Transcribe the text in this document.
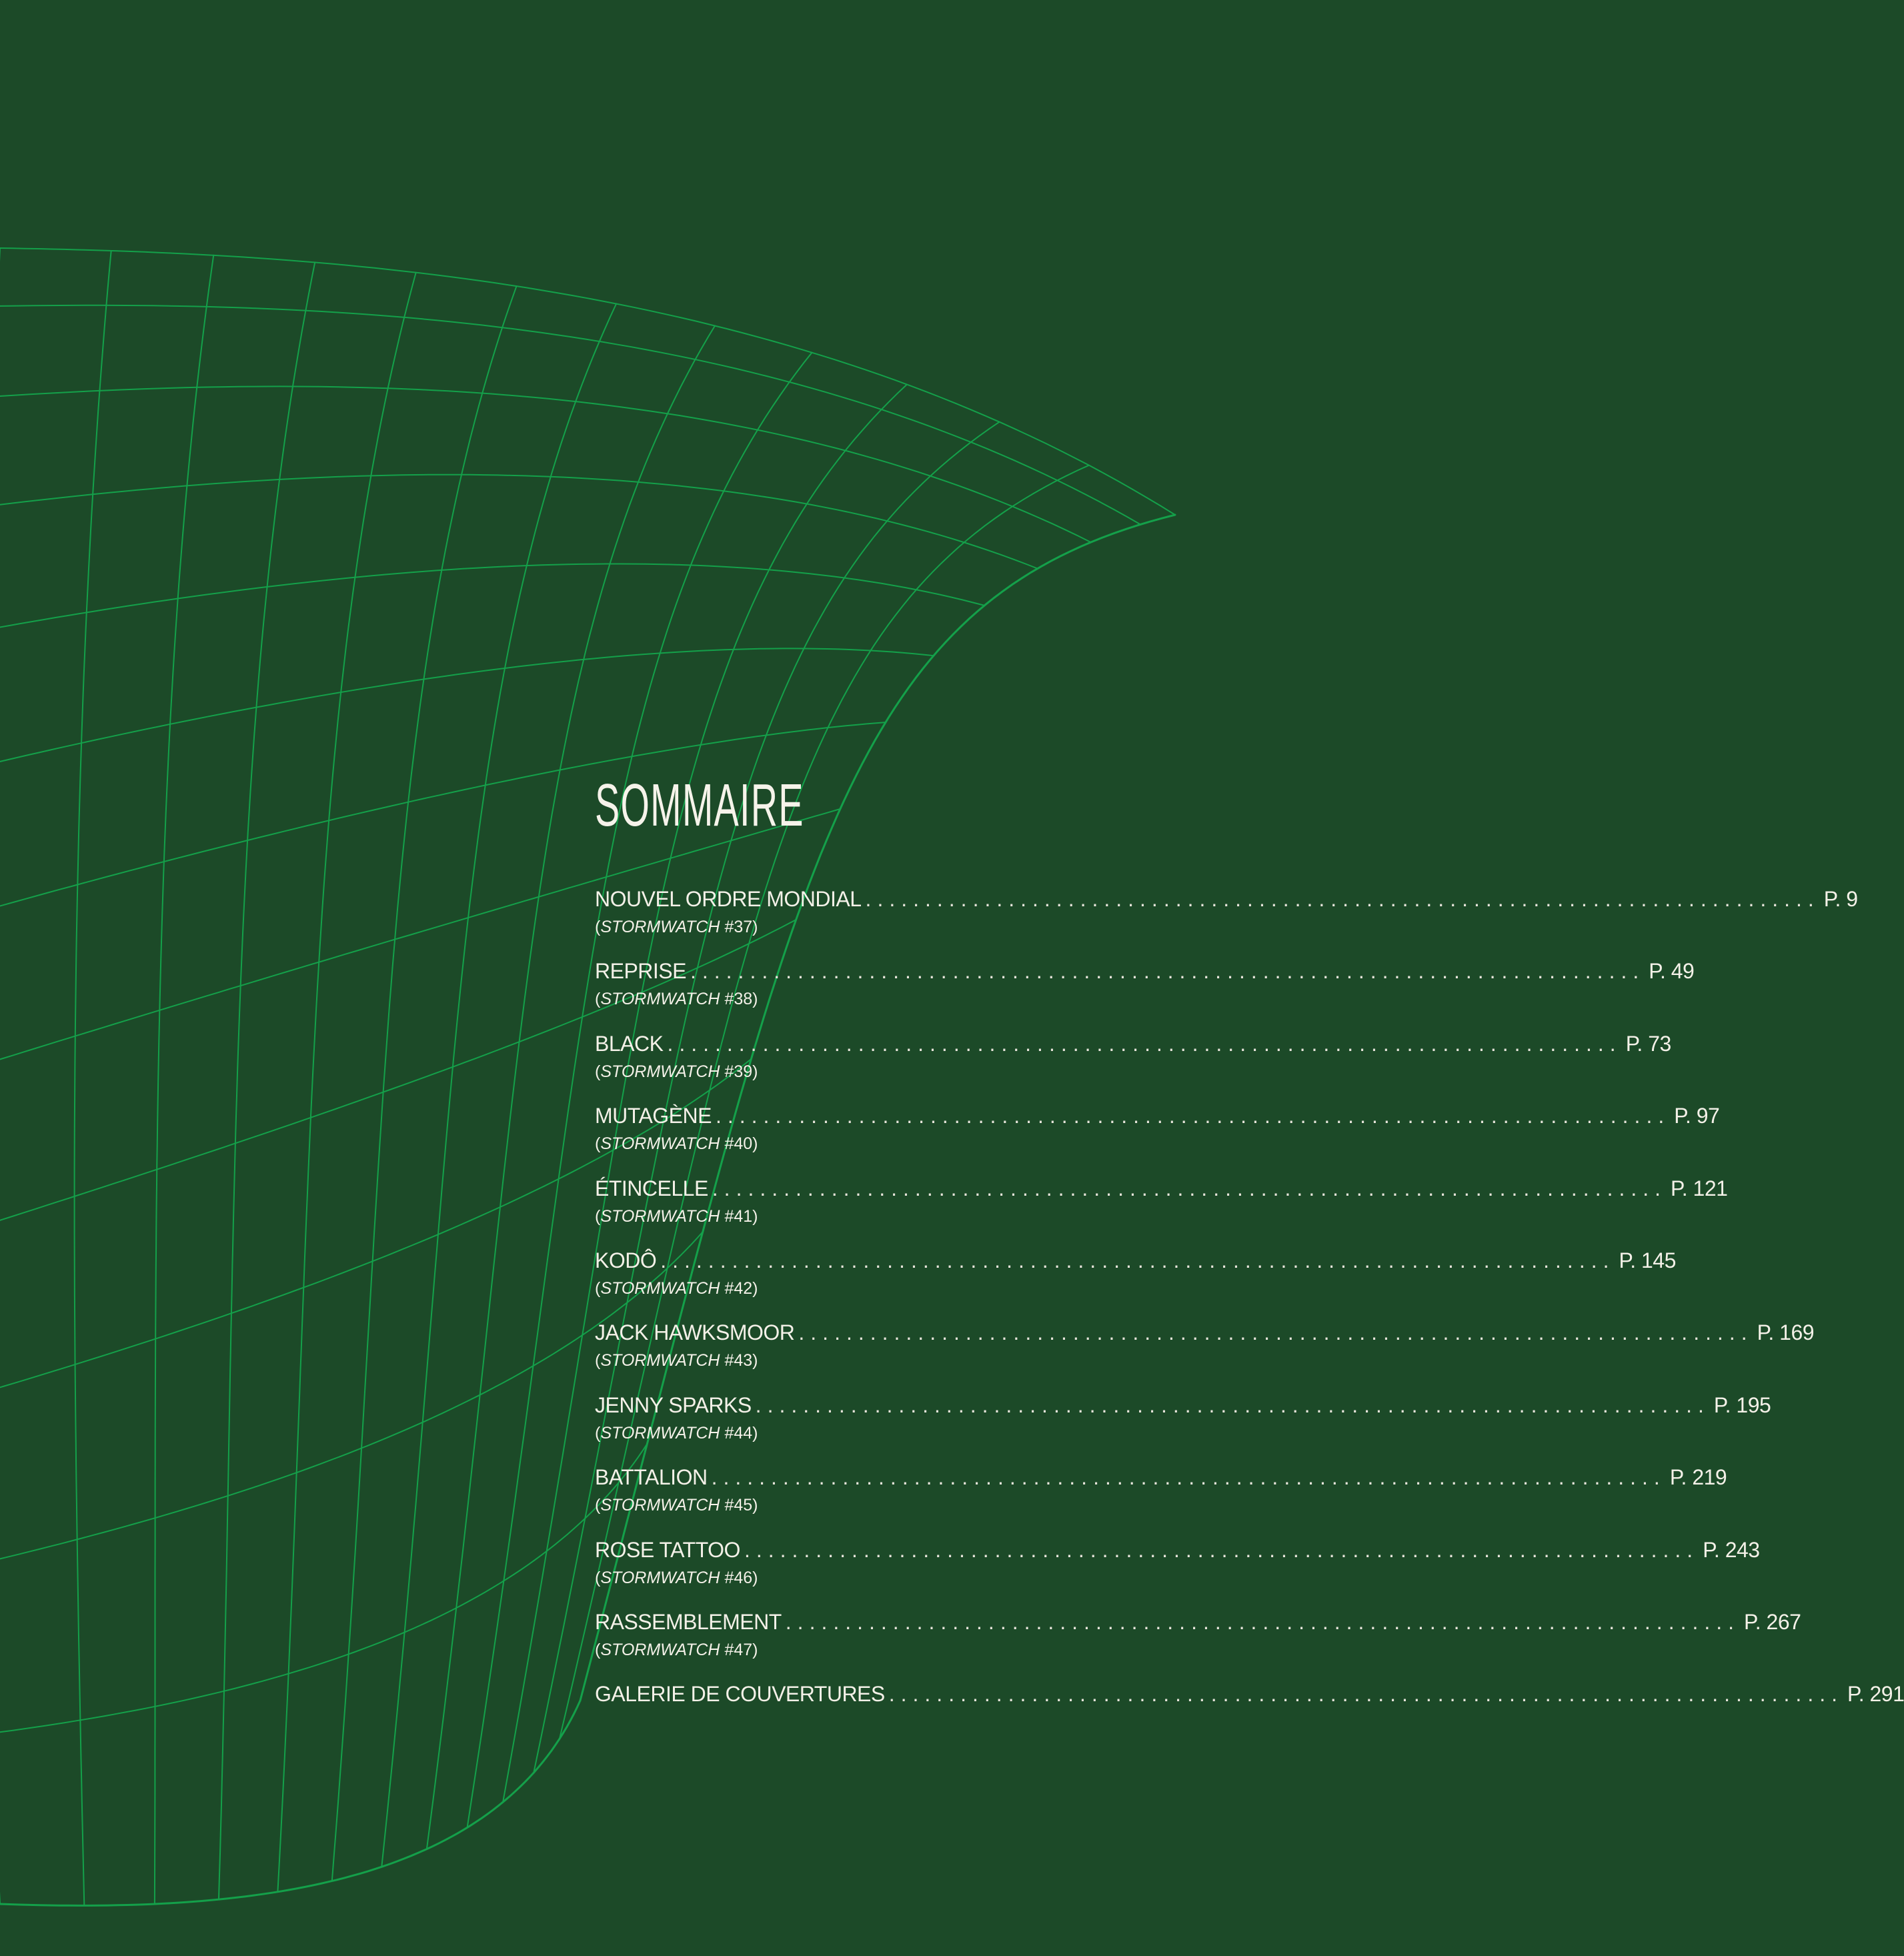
SOMMAIRE
NOUVEL ORDRE MONDIAL ................................................................................ P. 9
(STORMWATCH #37)
REPRISE ................................................................................ P. 49
(STORMWATCH #38)
BLACK ................................................................................ P. 73
(STORMWATCH #39)
MUTAGÈNE ................................................................................ P. 97
(STORMWATCH #40)
ÉTINCELLE ................................................................................ P. 121
(STORMWATCH #41)
KODÔ ................................................................................ P. 145
(STORMWATCH #42)
JACK HAWKSMOOR ................................................................................ P. 169
(STORMWATCH #43)
JENNY SPARKS ................................................................................ P. 195
(STORMWATCH #44)
BATTALION ................................................................................ P. 219
(STORMWATCH #45)
ROSE TATTOO ................................................................................ P. 243
(STORMWATCH #46)
RASSEMBLEMENT ................................................................................ P. 267
(STORMWATCH #47)
GALERIE DE COUVERTURES ................................................................................ P. 291
